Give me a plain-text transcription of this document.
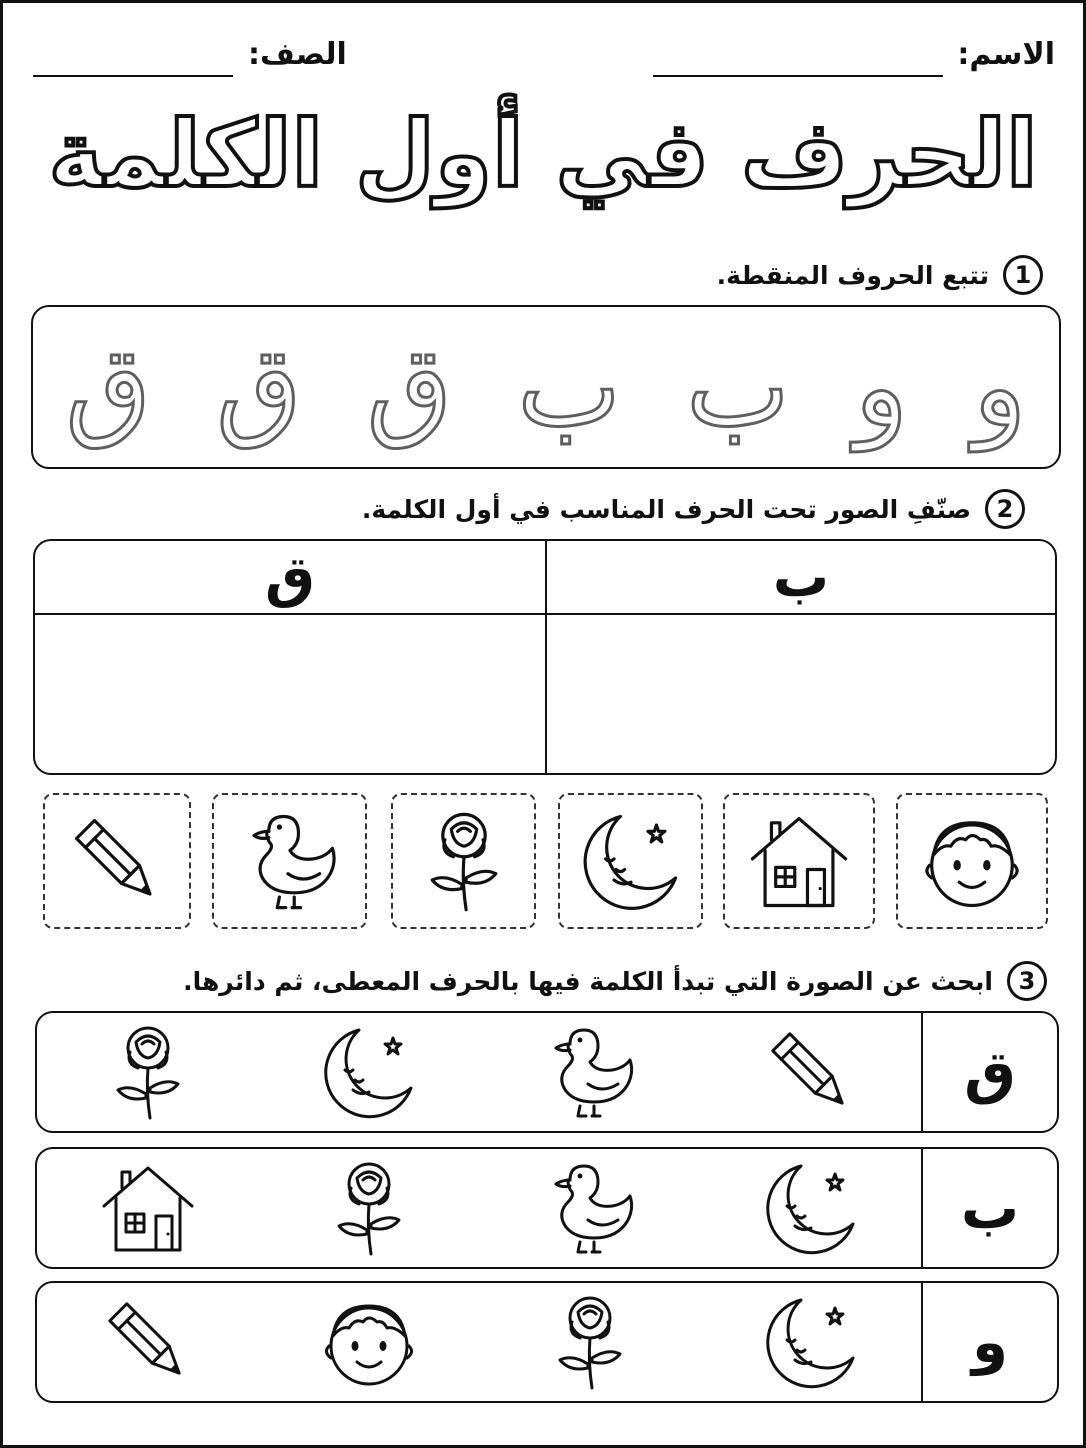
الاسم:
الصف:
الحرف في أول الكلمة
1
تتبع الحروف المنقطة.
و
و
ب
ب
ق
ق
ق
2
صنّفِ الصور تحت الحرف المناسب في أول الكلمة.
ب
ق
3
ابحث عن الصورة التي تبدأ الكلمة فيها بالحرف المعطى، ثم دائرها.
ق
ب
و
